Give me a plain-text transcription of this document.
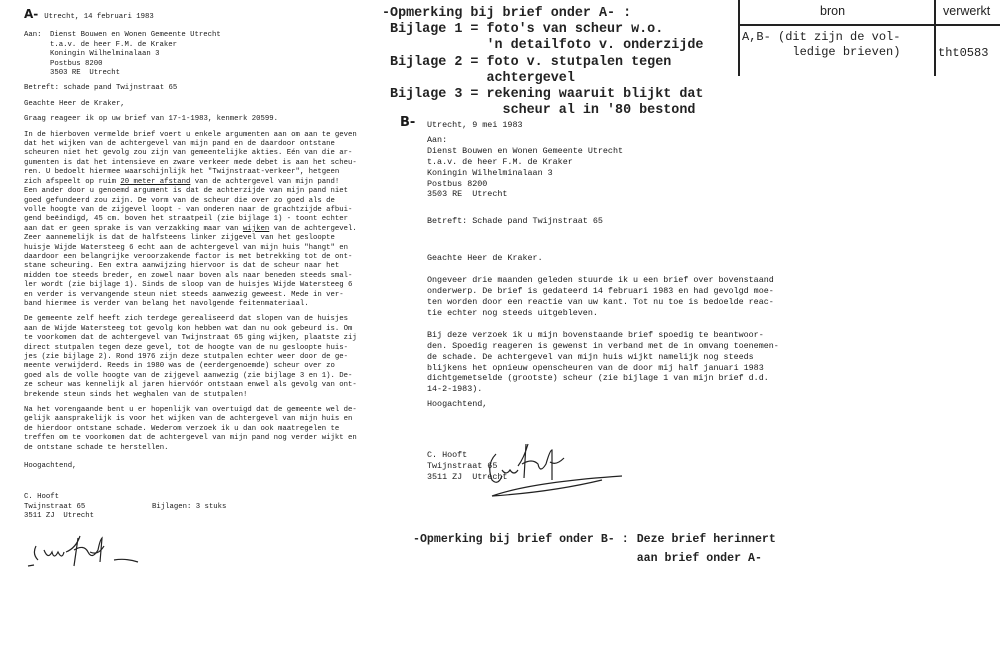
A- Utrecht, 14 februari 1983
Aan:	Dienst Bouwen en Wonen Gemeente Utrecht
t.a.v. de heer F.M. de Kraker
Koningin Wilhelminalaan 3
Postbus 8200
3503 RE  Utrecht
Betreft: schade pand Twijnstraat 65
Geachte Heer de Kraker,
Graag reageer ik op uw brief van 17-1-1983, kenmerk 20599.
In de hierboven vermelde brief voert u enkele argumenten aan om aan te geven
dat het wijken van de achtergevel van mijn pand en de daardoor ontstane
scheuren niet het gevolg zou zijn van gemeentelijke akties. Eén van die ar-
gumenten is dat het intensieve en zware verkeer mede debet is aan het scheu-
ren. U bedoelt hiermee waarschijnlijk het "Twijnstraat-verkeer", hetgeen
zich afspeelt op ruim 20 meter afstand van de achtergevel van mijn pand!
Een ander door u genoemd argument is dat de achterzijde van mijn pand niet
goed gefundeerd zou zijn. De vorm van de scheur die over zo goed als de
volle hoogte van de zijgevel loopt - van onderen naar de grachtzijde afbui-
gend beëindigd, 45 cm. boven het straatpeil (zie bijlage 1) - toont echter
aan dat er geen sprake is van verzakking maar van wijken van de achtergevel.
Zeer aannemelijk is dat de halfsteens linker zijgevel van het gesloopte
huisje Wijde Watersteeg 6 echt aan de achtergevel van mijn huis "hangt" en
daardoor een belangrijke veroorzakende factor is met betrekking tot de ont-
stane scheuring. Een extra aanwijzing hiervoor is dat de scheur naar het
midden toe steeds breder, en zowel naar boven als naar beneden steeds smal-
ler wordt (zie bijlage 1). Sinds de sloop van de huisjes Wijde Watersteeg 6
en verder is vervangende steun niet steeds aanwezig geweest. Mede in ver-
band hiermee is verder van belang het navolgende feitenmateriaal.
De gemeente zelf heeft zich terdege gerealiseerd dat slopen van de huisjes
aan de Wijde Watersteeg tot gevolg kon hebben wat dan nu ook gebeurd is. Om
te voorkomen dat de achtergevel van Twijnstraat 65 ging wijken, plaatste zij
direct stutpalen tegen deze gevel, tot de hoogte van de nu gesloopte huis-
jes (zie bijlage 2). Rond 1976 zijn deze stutpalen echter weer door de ge-
meente verwijderd. Reeds in 1980 was de (eerdergenoemde) scheur over zo
goed als de volle hoogte van de zijgevel aanwezig (zie bijlage 3 en 1). De-
ze scheur was kennelijk al jaren hiervóór ontstaan enwel als gevolg van ont-
brekende steun sinds het weghalen van de stutpalen!
Na het vorengaande bent u er hopenlijk van overtuigd dat de gemeente wel de-
gelijk aansprakelijk is voor het wijken van de achtergevel van mijn huis en
de hierdoor ontstane schade. Wederom verzoek ik u dan ook maatregelen te
treffen om te voorkomen dat de achtergevel van mijn pand nog verder wijkt en
de ontstane schade te herstellen.
Hoogachtend,
C. Hooft
Twijnstraat 65	Bijlagen: 3 stuks
3511 ZJ  Utrecht
-Opmerking bij brief onder A- :
Bijlage 1 = foto's van scheur w.o.
'n detailfoto v. onderzijde
Bijlage 2 = foto v. stutpalen tegen
achtergevel
Bijlage 3 = rekening waaruit blijkt dat
scheur al in '80 bestond
bron	verwerkt
A,B- (dit zijn de vol-
ledige brieven)	tht0583
B- Utrecht, 9 mei 1983
Aan:
Dienst Bouwen en Wonen Gemeente Utrecht
t.a.v. de heer F.M. de Kraker
Koningin Wilhelminalaan 3
Postbus 8200
3503 RE  Utrecht
Betreft: Schade pand Twijnstraat 65
Geachte Heer de Kraker.
Ongeveer drie maanden geleden stuurde ik u een brief over bovenstaand
onderwerp. De brief is gedateerd 14 februari 1983 en had gevolgd moe-
ten worden door een reactie van uw kant. Tot nu toe is bedoelde reac-
tie echter nog steeds uitgebleven.
Bij deze verzoek ik u mijn bovenstaande brief spoedig te beantwoor-
den. Spoedig reageren is gewenst in verband met de in omvang toenemen-
de schade. De achtergevel van mijn huis wijkt namelijk nog steeds
blijkens het opnieuw openscheuren van de door mij half januari 1983
dichtgemetselde (grootste) scheur (zie bijlage 1 van mijn brief d.d.
14-2-1983).
Hoogachtend,
C. Hooft
Twijnstraat 65
3511 ZJ  Utrecht
-Opmerking bij brief onder B- : Deze brief herinnert
aan brief onder A-
